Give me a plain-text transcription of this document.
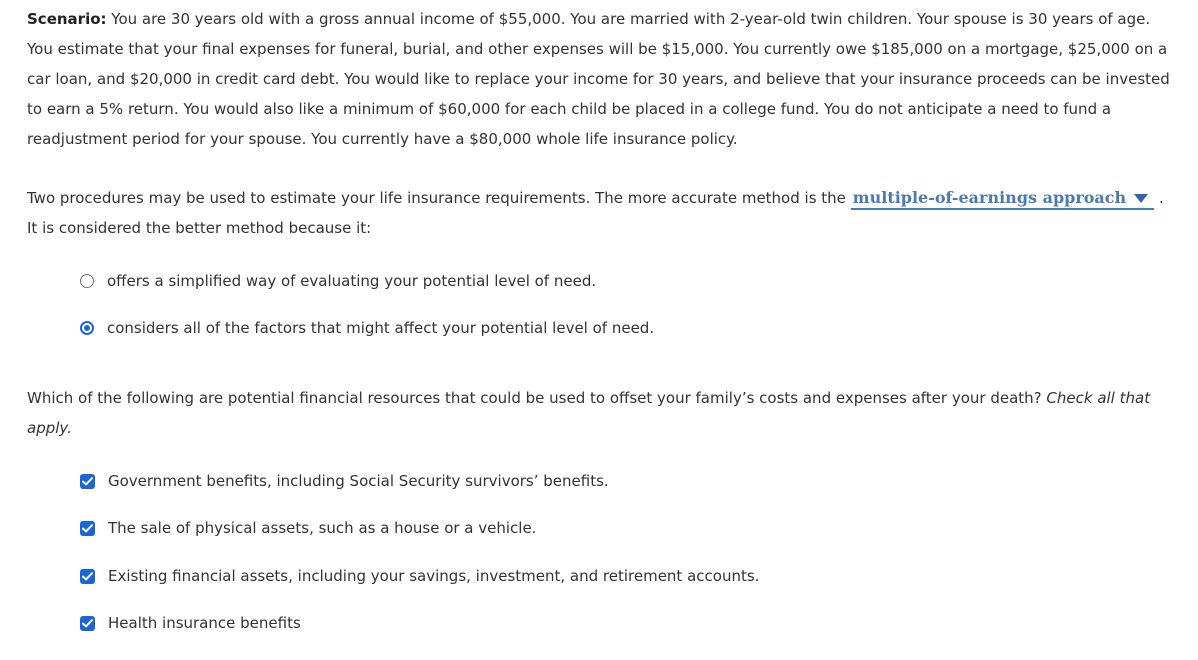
Scenario: You are 30 years old with a gross annual income of $55,000. You are married with 2-year-old twin children. Your spouse is 30 years of age. You estimate that your final expenses for funeral, burial, and other expenses will be $15,000. You currently owe $185,000 on a mortgage, $25,000 on a car loan, and $20,000 in credit card debt. You would like to replace your income for 30 years, and believe that your insurance proceeds can be invested to earn a 5% return. You would also like a minimum of $60,000 for each child be placed in a college fund. You do not anticipate a need to fund a readjustment period for your spouse. You currently have a $80,000 whole life insurance policy.

Two procedures may be used to estimate your life insurance requirements. The more accurate method is the multiple-of-earnings approach .
It is considered the better method because it:

offers a simplified way of evaluating your potential level of need.
considers all of the factors that might affect your potential level of need.

Which of the following are potential financial resources that could be used to offset your family’s costs and expenses after your death? Check all that apply.

Government benefits, including Social Security survivors’ benefits.
The sale of physical assets, such as a house or a vehicle.
Existing financial assets, including your savings, investment, and retirement accounts.
Health insurance benefits
